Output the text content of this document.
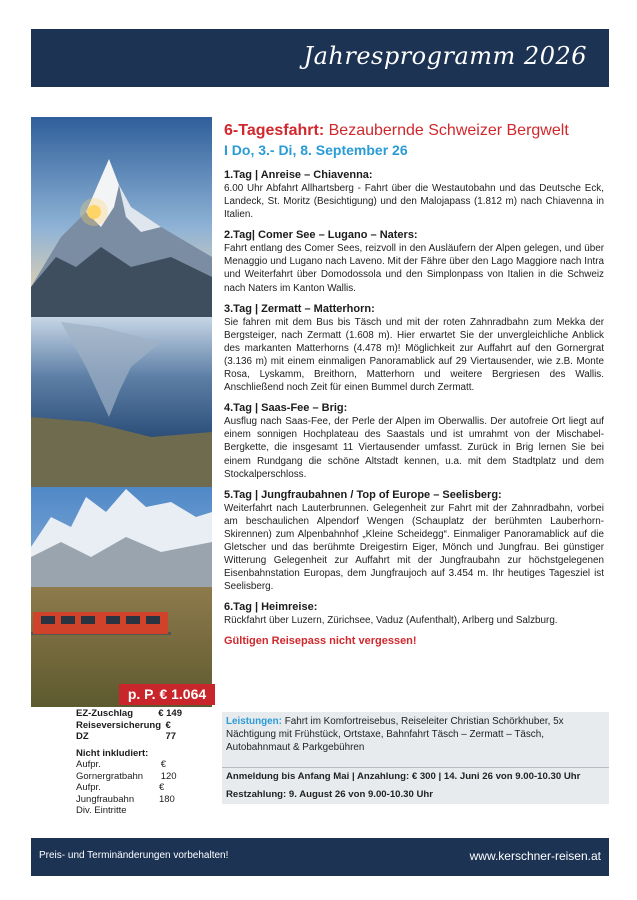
Jahresprogramm 2026
p. P. € 1.064
EZ-Zuschlag	€ 149
Reiseversicherung DZ
€ 77
Nicht inkludiert:
Aufpr. Gornergratbahn
€ 120
Aufpr. Jungfraubahn
€ 180
Div. Eintritte
6-Tagesfahrt: Bezaubernde Schweizer Bergwelt
I Do, 3.- Di, 8. September 26
1.Tag | Anreise – Chiavenna:
6.00 Uhr Abfahrt Allhartsberg - Fahrt über die Westautobahn und das Deutsche Eck, Landeck, St. Moritz (Besichtigung) und den Malojapass (1.812 m) nach Chiavenna in Italien.
2.Tag| Comer See – Lugano – Naters:
Fahrt entlang des Comer Sees, reizvoll in den Ausläufern der Alpen gelegen, und über Menaggio und Lugano nach Laveno. Mit der Fähre über den Lago Maggiore nach Intra und Weiterfahrt über Domodossola und den Simplonpass von Italien in die Schweiz nach Naters im Kanton Wallis.
3.Tag | Zermatt – Matterhorn:
Sie fahren mit dem Bus bis Täsch und mit der roten Zahnradbahn zum Mekka der Bergsteiger, nach Zermatt (1.608 m). Hier erwartet Sie der unvergleichliche Anblick des markanten Matterhorns (4.478 m)! Möglichkeit zur Auffahrt auf den Gornergrat (3.136 m) mit einem einmaligen Panoramablick auf 29 Viertausender, wie z.B. Monte Rosa, Lyskamm, Breithorn, Matterhorn und weitere Bergriesen des Wallis. Anschließend noch Zeit für einen Bummel durch Zermatt.
4.Tag | Saas-Fee – Brig:
Ausflug nach Saas-Fee, der Perle der Alpen im Oberwallis. Der autofreie Ort liegt auf einem sonnigen Hochplateau des Saastals und ist umrahmt von der Mischabel-Bergkette, die insgesamt 11 Viertausender umfasst. Zurück in Brig lernen Sie bei einem Rundgang die schöne Altstadt kennen, u.a. mit dem Stadtplatz und dem Stockalperschloss.
5.Tag | Jungfraubahnen / Top of Europe – Seelisberg:
Weiterfahrt nach Lauterbrunnen. Gelegenheit zur Fahrt mit der Zahnradbahn, vorbei am beschaulichen Alpendorf Wengen (Schauplatz der berühmten Lauberhorn-Skirennen) zum Alpenbahnhof „Kleine Scheidegg“. Einmaliger Panoramablick auf die Gletscher und das berühmte Dreigestirn Eiger, Mönch und Jungfrau. Bei günstiger Witterung Gelegenheit zur Auffahrt mit der Jungfraubahn zur höchstgelegenen Eisenbahnstation Europas, dem Jungfraujoch auf 3.454 m. Ihr heutiges Tagesziel ist Seelisberg.
6.Tag | Heimreise:
Rückfahrt über Luzern, Zürichsee, Vaduz (Aufenthalt), Arlberg und Salzburg.
Gültigen Reisepass nicht vergessen!
Leistungen: Fahrt im Komfortreisebus, Reiseleiter Christian Schörkhuber, 5x Nächtigung mit Frühstück, Ortstaxe, Bahnfahrt Täsch – Zermatt – Täsch, Autobahnmaut & Parkgebühren
Anmeldung bis Anfang Mai | Anzahlung: € 300 | 14. Juni 26 von 9.00-10.30 Uhr
Restzahlung: 9. August 26 von 9.00-10.30 Uhr
Preis- und Terminänderungen vorbehalten!	www.kerschner-reisen.at
